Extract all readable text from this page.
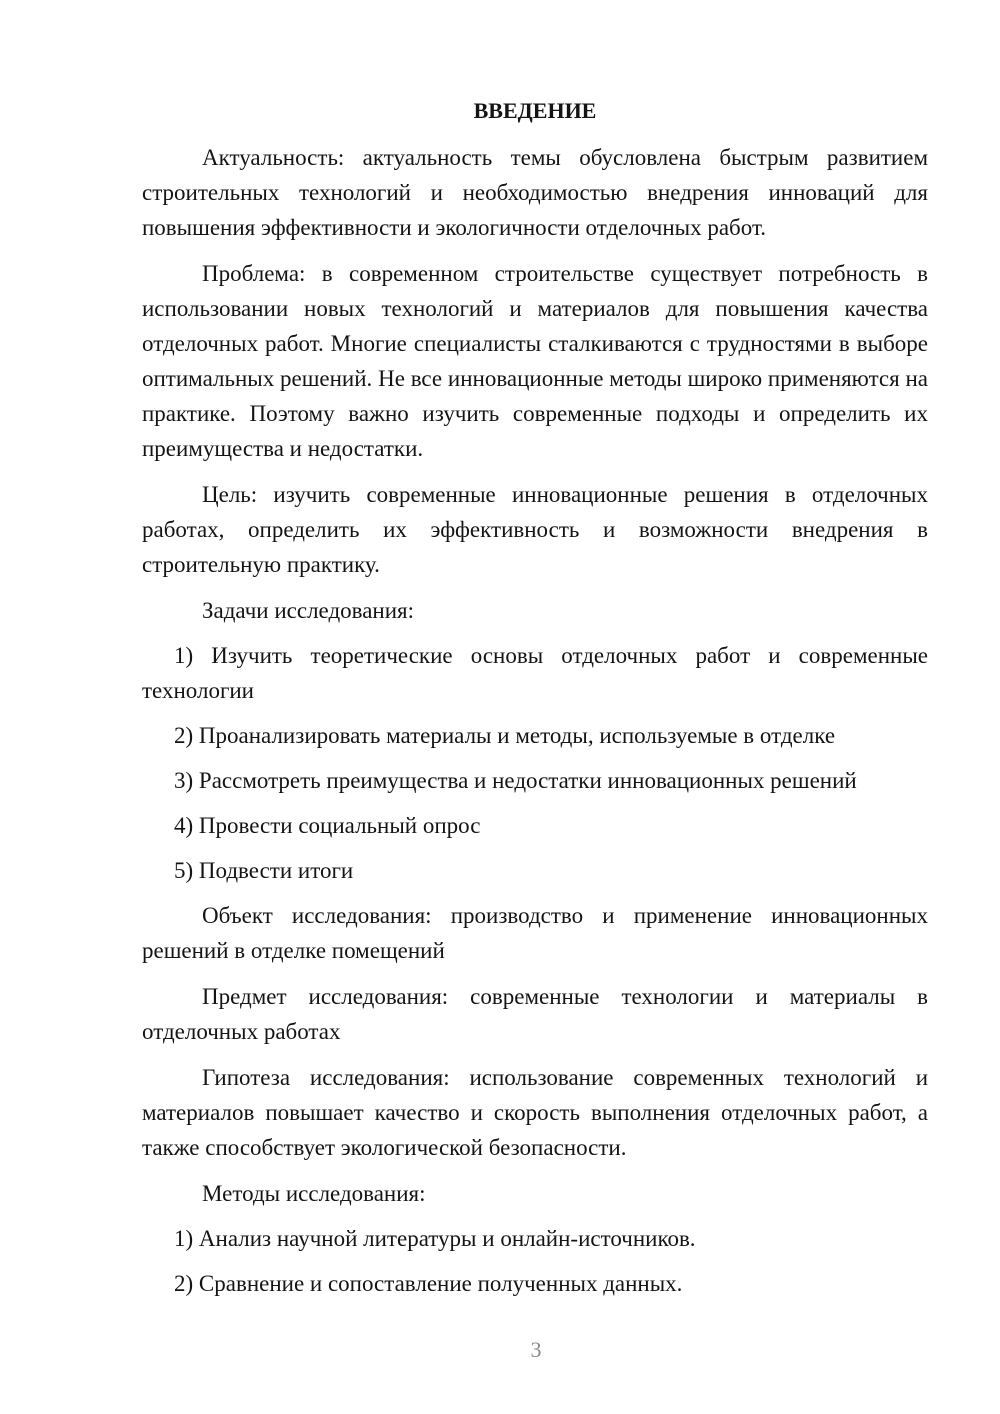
ВВЕДЕНИЕ

Актуальность: актуальность темы обусловлена быстрым развитием строительных технологий и необходимостью внедрения инноваций для повышения эффективности и экологичности отделочных работ.

Проблема: в современном строительстве существует потребность в использовании новых технологий и материалов для повышения качества отделочных работ. Многие специалисты сталкиваются с трудностями в выборе оптимальных решений. Не все инновационные методы широко применяются на практике. Поэтому важно изучить современные подходы и определить их преимущества и недостатки.

Цель: изучить современные инновационные решения в отделочных работах, определить их эффективность и возможности внедрения в строительную практику.

Задачи исследования:

1) Изучить теоретические основы отделочных работ и современные технологии

2) Проанализировать материалы и методы, используемые в отделке

3) Рассмотреть преимущества и недостатки инновационных решений

4) Провести социальный опрос

5) Подвести итоги

Объект исследования: производство и применение инновационных решений в отделке помещений

Предмет исследования: современные технологии и материалы в отделочных работах

Гипотеза исследования: использование современных технологий и материалов повышает качество и скорость выполнения отделочных работ, а также способствует экологической безопасности.

Методы исследования:

1) Анализ научной литературы и онлайн-источников.

2) Сравнение и сопоставление полученных данных.

3
